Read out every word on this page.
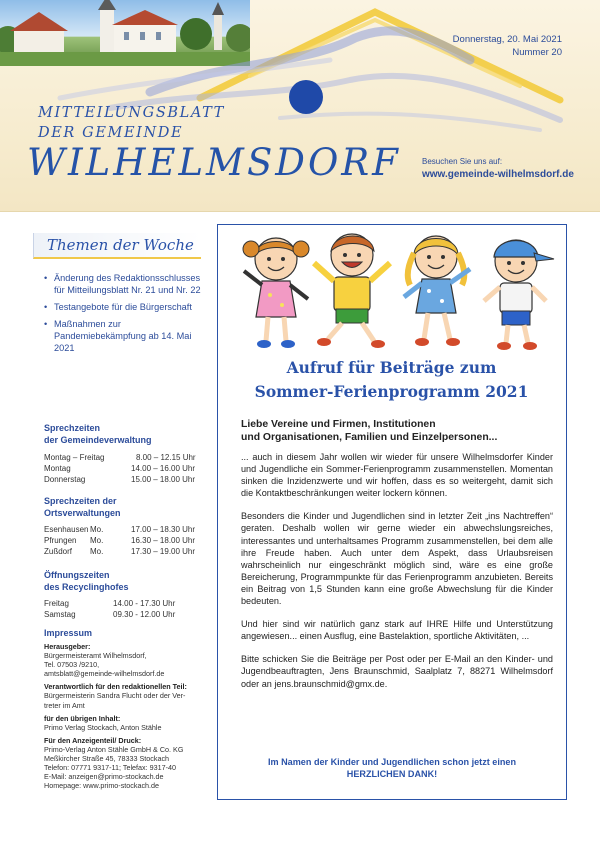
Donnerstag, 20. Mai 2021
Nummer 20
MITTEILUNGSBLATT
DER GEMEINDE
WILHELMSDORF	Besuchen Sie uns auf:
www.gemeinde-wilhelmsdorf.de
Themen der Woche
• Änderung des Redaktionsschlusses für Mitteilungsblatt Nr. 21 und Nr. 22
• Testangebote für die Bürgerschaft
• Maßnahmen zur Pandemiebekämpfung ab 14. Mai 2021
Sprechzeiten
der Gemeindeverwaltung
Montag – Freitag	8.00 – 12.15 Uhr
Montag	14.00 – 16.00 Uhr
Donnerstag	15.00 – 18.00 Uhr
Sprechzeiten der
Ortsverwaltungen
Esenhausen Mo.	17.00 – 18.30 Uhr
Pfrungen Mo.	16.30 – 18.00 Uhr
Zußdorf Mo.	17.30 – 19.00 Uhr
Öffnungszeiten
des Recyclinghofes
Freitag	14.00 - 17.30 Uhr
Samstag	09.30 - 12.00 Uhr
Impressum
Herausgeber:
Bürgermeisteramt Wilhelmsdorf,
Tel. 07503 /9210,
amtsblatt@gemeinde-wilhelmsdorf.de
Verantwortlich für den redaktionellen Teil:
Bürgermeisterin Sandra Flucht oder der Ver-
treter im Amt
für den übrigen Inhalt:
Primo Verlag Stockach, Anton Stähle
Für den Anzeigenteil/ Druck:
Primo-Verlag Anton Stähle GmbH & Co. KG
Meßkircher Straße 45, 78333 Stockach
Telefon: 07771 9317-11; Telefax: 9317-40
E-Mail: anzeigen@primo-stockach.de
Homepage: www.primo-stockach.de
Aufruf für Beiträge zum
Sommer-Ferienprogramm 2021
Liebe Vereine und Firmen, Institutionen
und Organisationen, Familien und Einzelpersonen...

... auch in diesem Jahr wollen wir wieder für unsere Wilhelmsdorfer Kinder und Jugendliche ein Sommer-Ferienprogramm zusammenstellen. Momentan sinken die Inzidenzwerte und wir hoffen, dass es so weitergeht, damit sich die Kontaktbeschränkungen weiter lockern können.

Besonders die Kinder und Jugendlichen sind in letzter Zeit „ins Nachtreffen“ geraten. Deshalb wollen wir gerne wieder ein abwechslungsreiches, interessantes und unterhaltsames Programm zusammenstellen, bei dem alle ihre Freude haben. Auch unter dem Aspekt, dass Urlaubsreisen wahrscheinlich nur eingeschränkt möglich sind, wäre es eine große Bereicherung, Programmpunkte für das Ferienprogramm anzubieten. Bereits ein Beitrag von 1,5 Stunden kann eine große Abwechslung für die Kinder bedeuten.

Und hier sind wir natürlich ganz stark auf IHRE Hilfe und Unterstützung angewiesen... einen Ausflug, eine Bastelaktion, sportliche Aktivitäten, ...

Bitte schicken Sie die Beiträge per Post oder per E-Mail an den Kinder- und Jugendbeauftragten, Jens Braunschmid, Saalplatz 7, 88271 Wilhelmsdorf oder an jens.braunschmid@gmx.de.

Im Namen der Kinder und Jugendlichen schon jetzt einen
HERZLICHEN DANK!
